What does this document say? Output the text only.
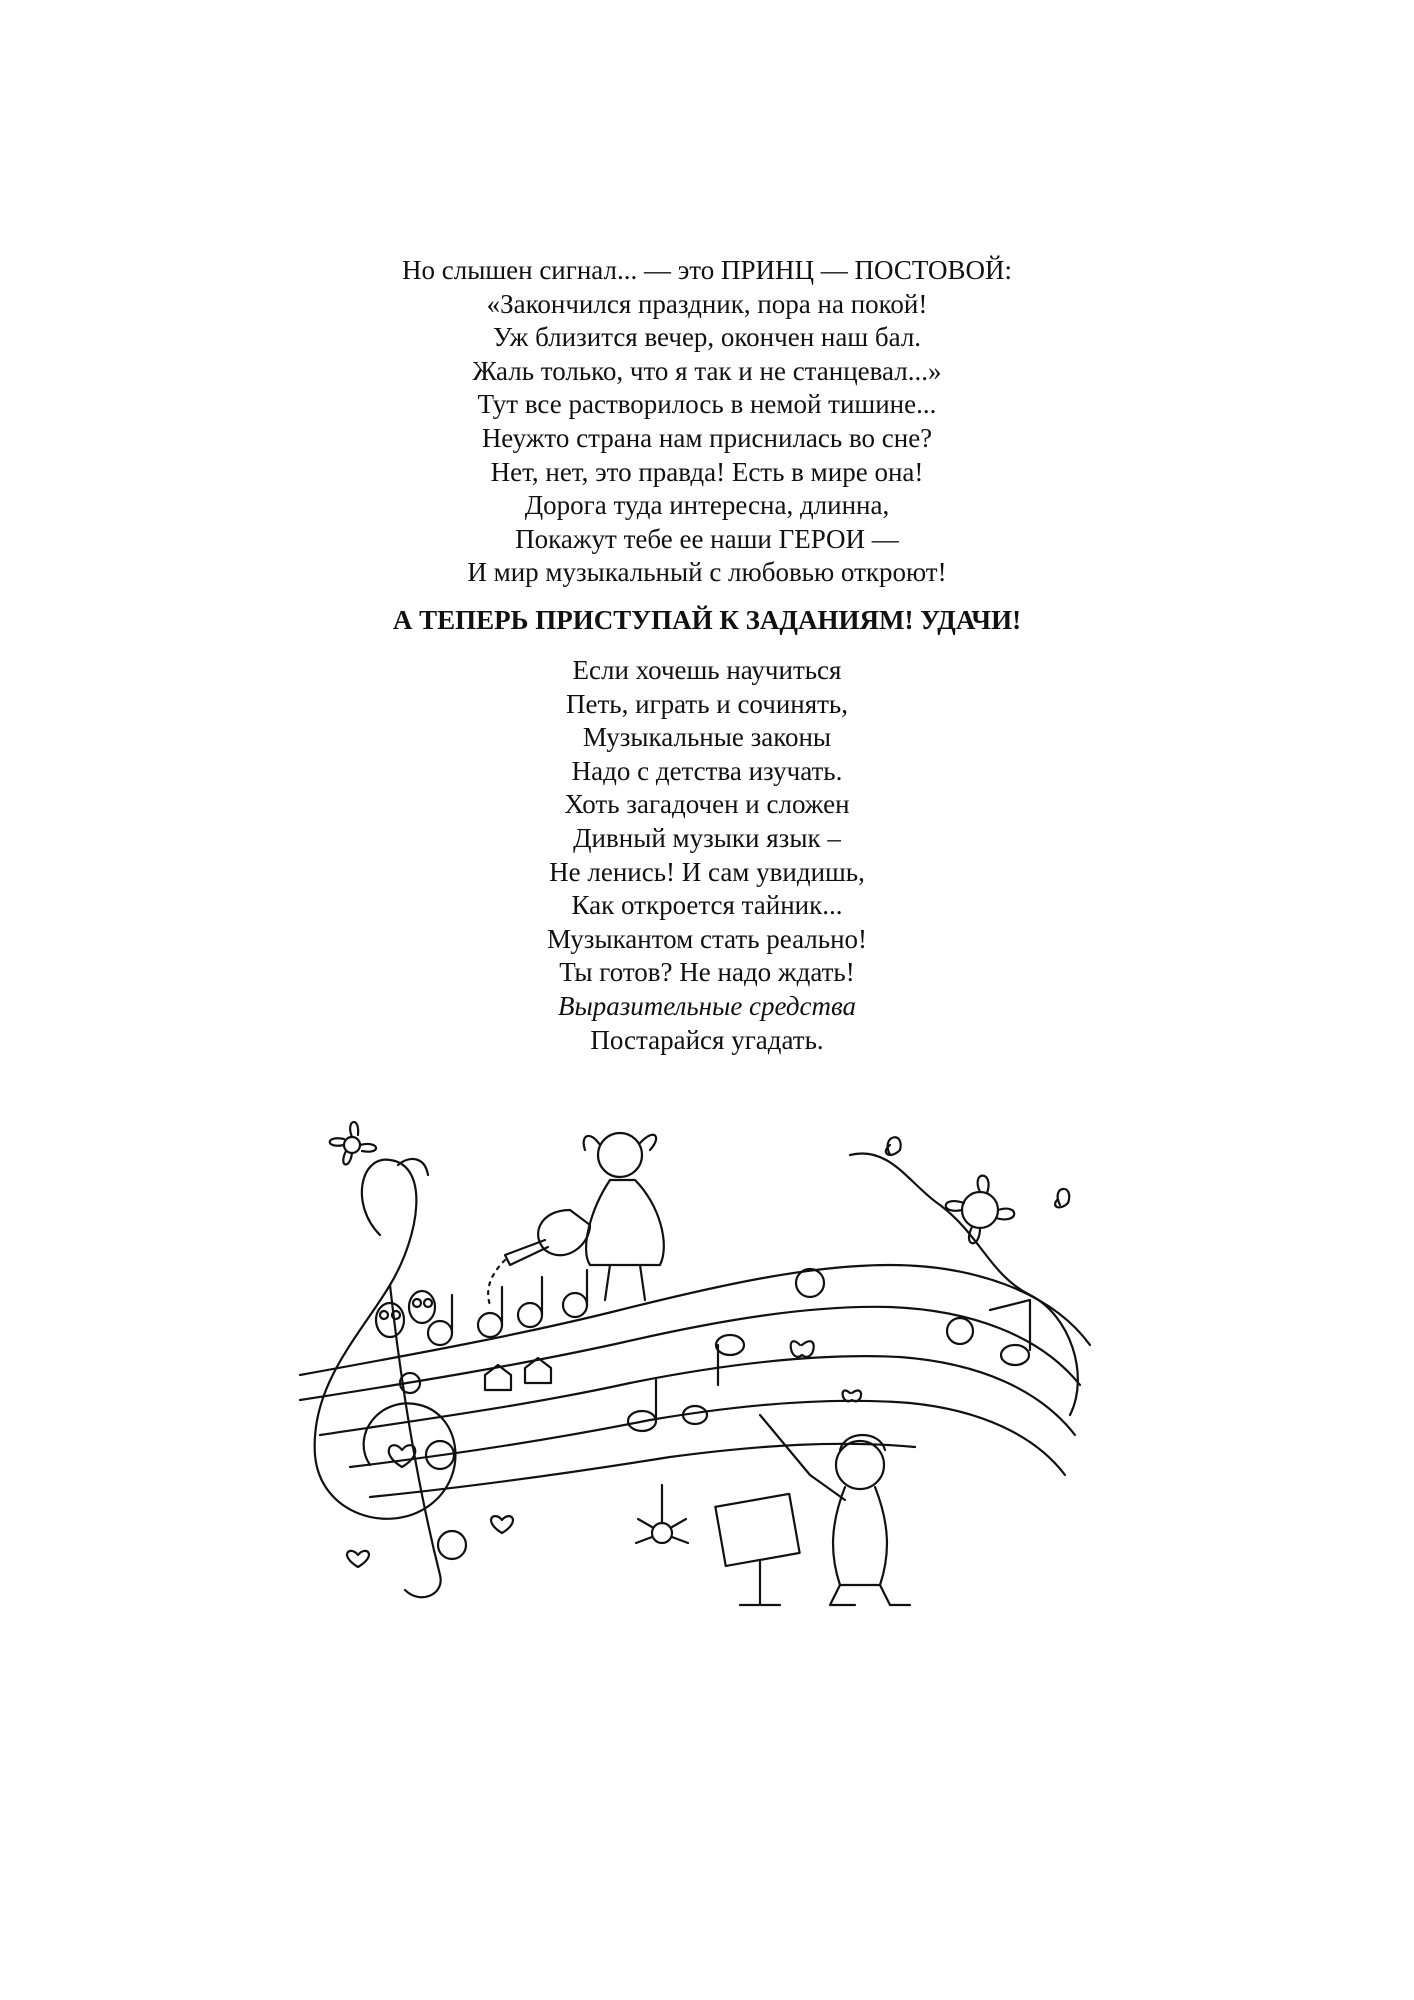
Но слышен сигнал... — это ПРИНЦ — ПОСТОВОЙ:
«Закончился праздник, пора на покой!
Уж близится вечер, окончен наш бал.
Жаль только, что я так и не станцевал...»
Тут все растворилось в немой тишине...
Неужто страна нам приснилась во сне?
Нет, нет, это правда! Есть в мире она!
Дорога туда интересна, длинна,
Покажут тебе ее наши ГЕРОИ —
И мир музыкальный с любовью откроют!
А ТЕПЕРЬ ПРИСТУПАЙ К ЗАДАНИЯМ! УДАЧИ!
Если хочешь научиться
Петь, играть и сочинять,
Музыкальные законы
Надо с детства изучать.
Хоть загадочен и сложен
Дивный музыки язык –
Не ленись! И сам увидишь,
Как откроется тайник...
Музыкантом стать реально!
Ты готов? Не надо ждать!
Выразительные средства
Постарайся угадать.
